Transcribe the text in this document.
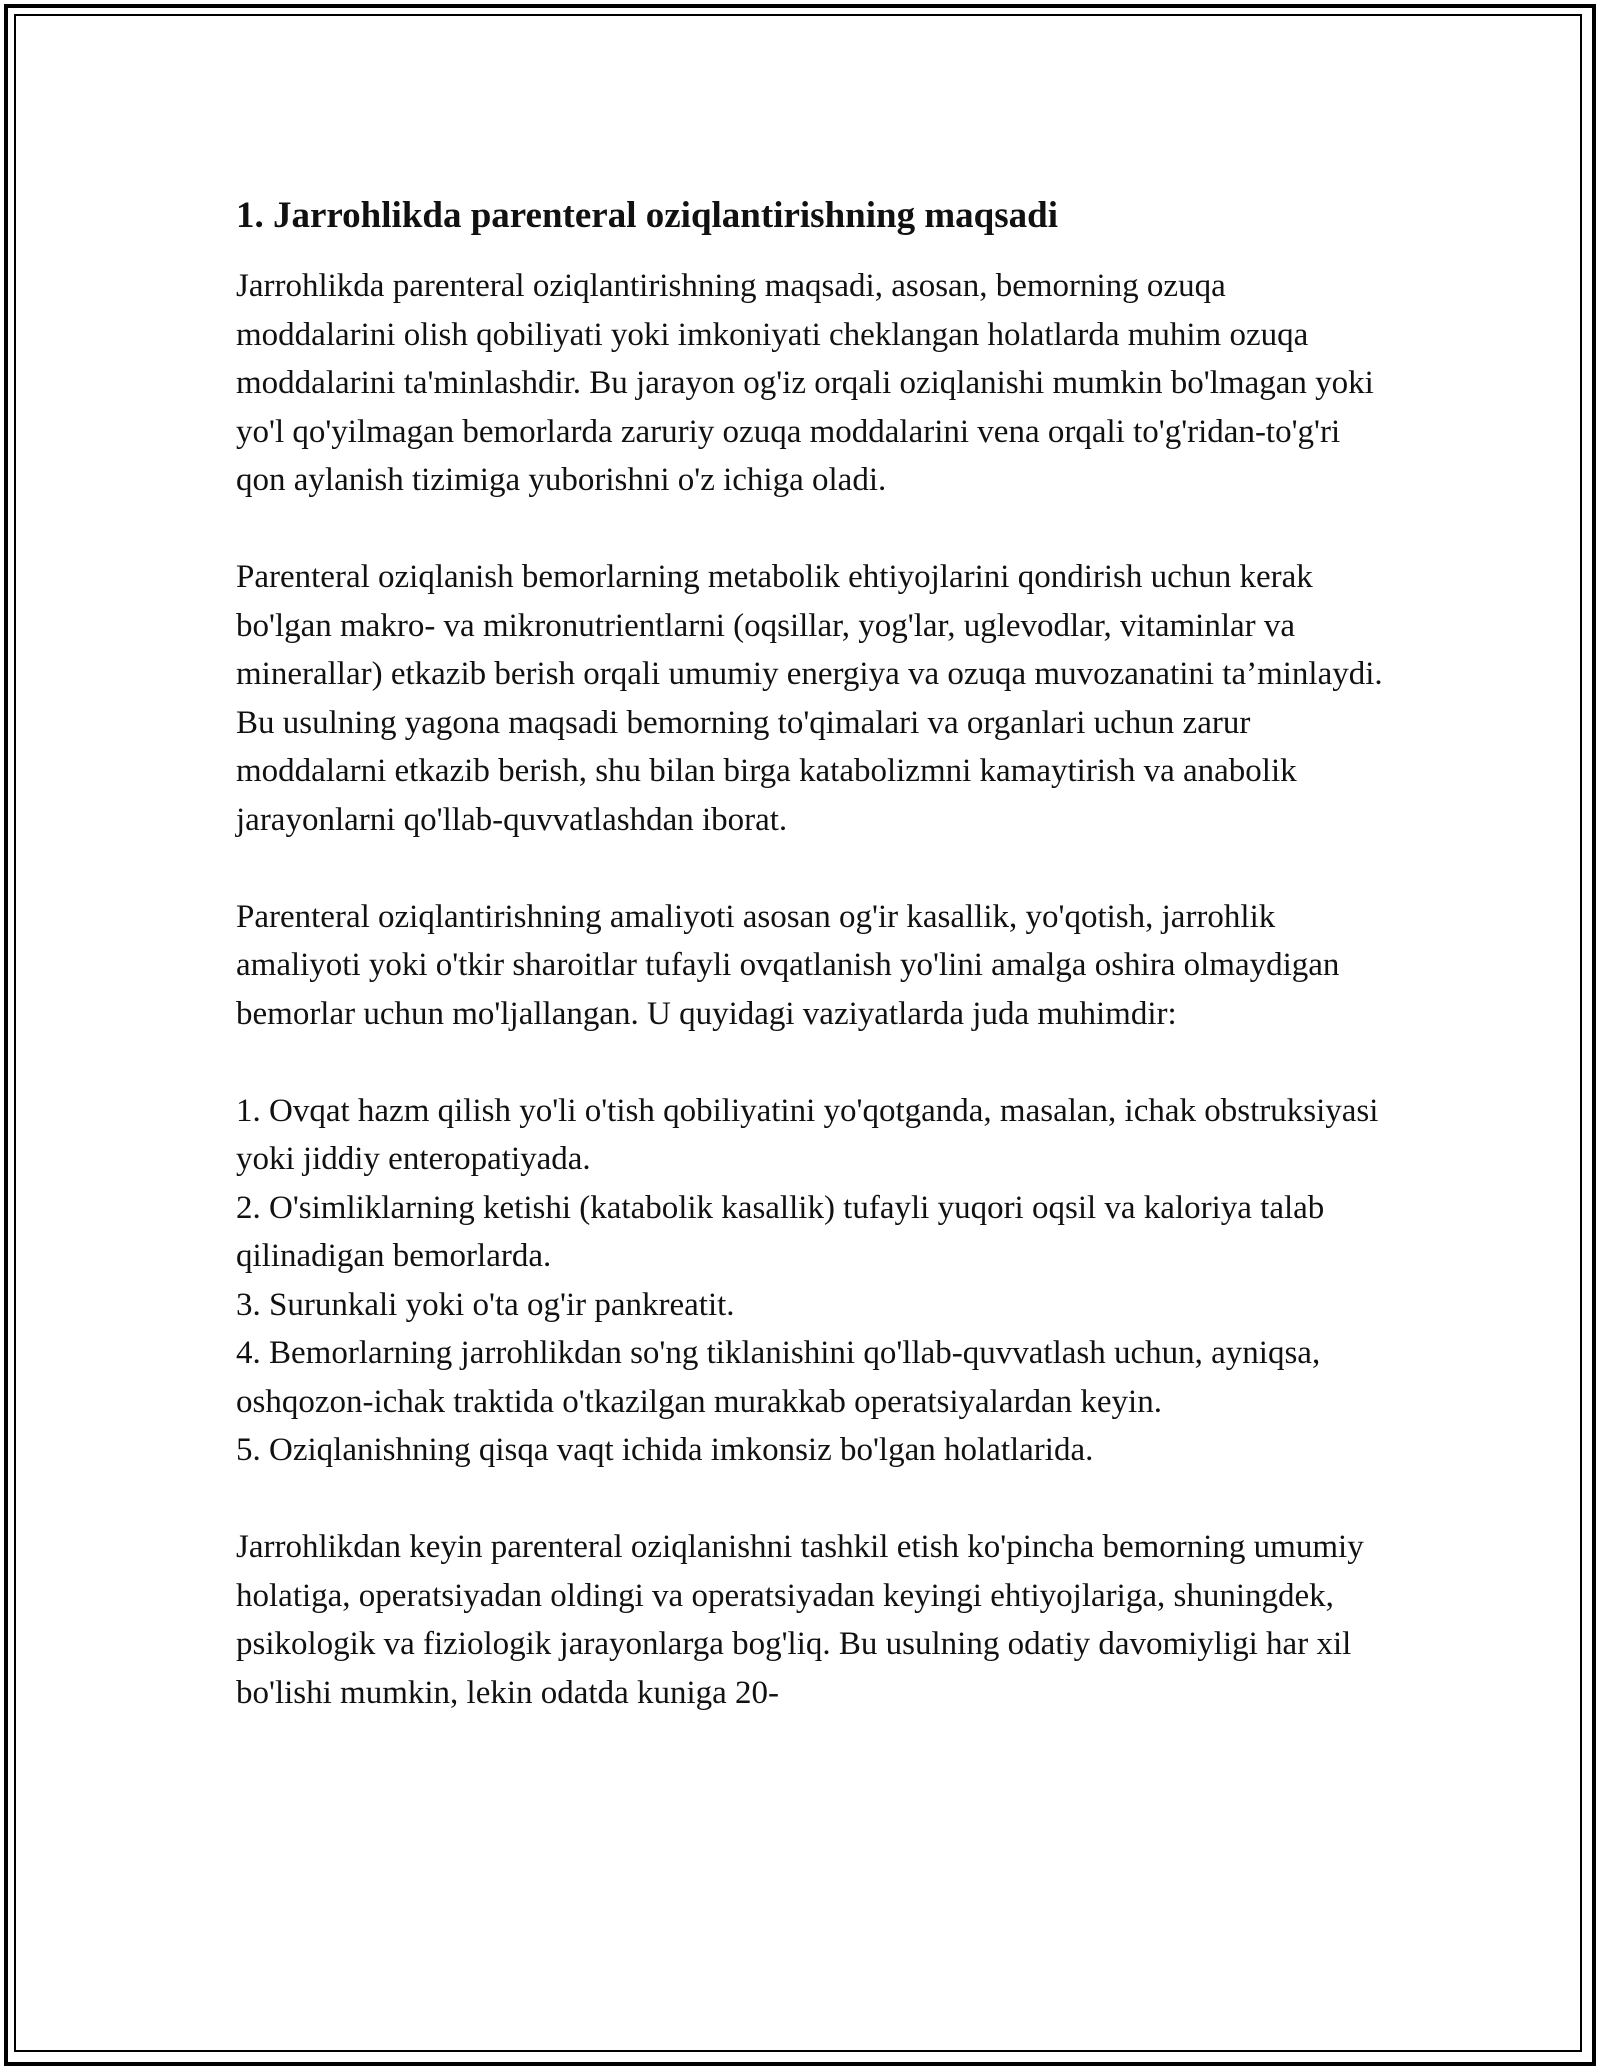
1. Jarrohlikda parenteral oziqlantirishning maqsadi

Jarrohlikda parenteral oziqlantirishning maqsadi, asosan, bemorning ozuqa moddalarini olish qobiliyati yoki imkoniyati cheklangan holatlarda muhim ozuqa moddalarini ta'minlashdir. Bu jarayon og'iz orqali oziqlanishi mumkin bo'lmagan yoki yo'l qo'yilmagan bemorlarda zaruriy ozuqa moddalarini vena orqali to'g'ridan-to'g'ri qon aylanish tizimiga yuborishni o'z ichiga oladi.

Parenteral oziqlanish bemorlarning metabolik ehtiyojlarini qondirish uchun kerak bo'lgan makro- va mikronutrientlarni (oqsillar, yog'lar, uglevodlar, vitaminlar va minerallar) etkazib berish orqali umumiy energiya va ozuqa muvozanatini ta’minlaydi. Bu usulning yagona maqsadi bemorning to'qimalari va organlari uchun zarur moddalarni etkazib berish, shu bilan birga katabolizmni kamaytirish va anabolik jarayonlarni qo'llab-quvvatlashdan iborat.

Parenteral oziqlantirishning amaliyoti asosan og'ir kasallik, yo'qotish, jarrohlik amaliyoti yoki o'tkir sharoitlar tufayli ovqatlanish yo'lini amalga oshira olmaydigan bemorlar uchun mo'ljallangan. U quyidagi vaziyatlarda juda muhimdir:

1. Ovqat hazm qilish yo'li o'tish qobiliyatini yo'qotganda, masalan, ichak obstruksiyasi yoki jiddiy enteropatiyada.

2. O'simliklarning ketishi (katabolik kasallik) tufayli yuqori oqsil va kaloriya talab qilinadigan bemorlarda.

3. Surunkali yoki o'ta og'ir pankreatit.

4. Bemorlarning jarrohlikdan so'ng tiklanishini qo'llab-quvvatlash uchun, ayniqsa, oshqozon-ichak traktida o'tkazilgan murakkab operatsiyalardan keyin.

5. Oziqlanishning qisqa vaqt ichida imkonsiz bo'lgan holatlarida.

Jarrohlikdan keyin parenteral oziqlanishni tashkil etish ko'pincha bemorning umumiy holatiga, operatsiyadan oldingi va operatsiyadan keyingi ehtiyojlariga, shuningdek, psikologik va fiziologik jarayonlarga bog'liq. Bu usulning odatiy davomiyligi har xil bo'lishi mumkin, lekin odatda kuniga 20-
